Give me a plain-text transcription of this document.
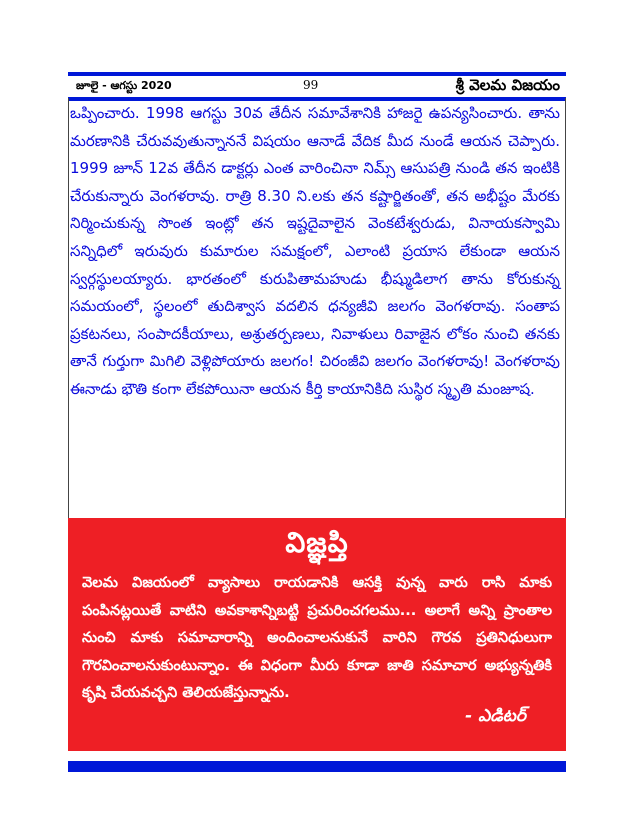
జూలై - ఆగస్టు 2020	99	శ్రీ వెలమ విజయం

ఒప్పించారు. 1998 ఆగస్టు 30వ తేదీన సమావేశానికి హాజరై ఉపన్యసించారు. తాను మరణానికి చేరువవుతున్నాననే విషయం ఆనాడే వేదిక మీద నుండే ఆయన చెప్పారు. 1999 జూన్ 12వ తేదీన డాక్టర్లు ఎంత వారించినా నిమ్స్ ఆసుపత్రి నుండి తన ఇంటికి చేరుకున్నారు వెంగళరావు. రాత్రి 8.30 ని.లకు తన కష్టార్జితంతో, తన అభీష్టం మేరకు నిర్మించుకున్న సొంత ఇంట్లో తన ఇష్టదైవాలైన వెంకటేశ్వరుడు, వినాయకస్వామి సన్నిధిలో ఇరువురు కుమారుల సమక్షంలో, ఎలాంటి ప్రయాస లేకుండా ఆయన స్వర్గస్థులయ్యారు. భారతంలో కురుపితామహుడు భీష్ముడిలాగ తాను కోరుకున్న సమయంలో, స్థలంలో తుదిశ్వాస వదలిన ధన్యజీవి జలగం వెంగళరావు. సంతాప ప్రకటనలు, సంపాదకీయాలు, అశ్రుతర్పణలు, నివాళులు రివాజైన లోకం నుంచి తనకు తానే గుర్తుగా మిగిలి వెళ్లిపోయారు జలగం! చిరంజీవి జలగం వెంగళరావు! వెంగళరావు ఈనాడు భౌతి కంగా లేకపోయినా ఆయన కీర్తి కాయానికిది సుస్థిర స్మృతి మంజూష.

విజ్ఞప్తి

వెలమ విజయంలో వ్యాసాలు రాయడానికి ఆసక్తి వున్న వారు రాసి మాకు పంపినట్లయితే వాటిని అవకాశాన్నిబట్టి ప్రచురించగలము... అలాగే అన్ని ప్రాంతాల నుంచి మాకు సమాచారాన్ని అందించాలనుకునే వారిని గౌరవ ప్రతినిధులుగా గౌరవించాలనుకుంటున్నాం. ఈ విధంగా మీరు కూడా జాతి సమాచార అభ్యున్నతికి కృషి చేయవచ్చని తెలియజేస్తున్నాను.

- ఎడిటర్
